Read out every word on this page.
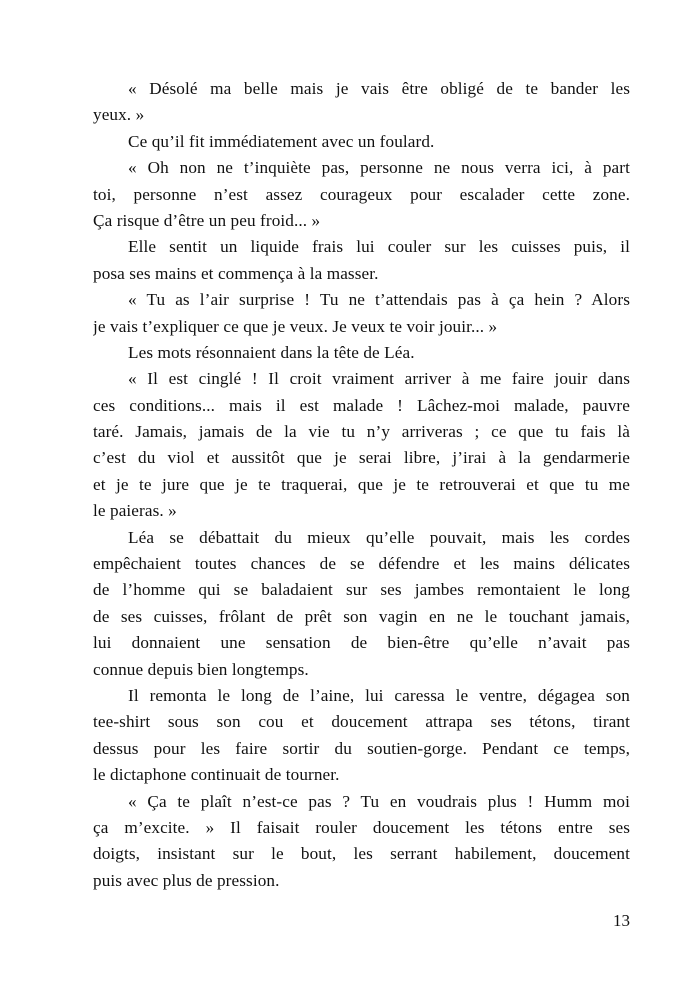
« Désolé ma belle mais je vais être obligé de te bander les
yeux. »

Ce qu’il fit immédiatement avec un foulard.

« Oh non ne t’inquiète pas, personne ne nous verra ici, à part
toi, personne n’est assez courageux pour escalader cette zone.
Ça risque d’être un peu froid... »

Elle sentit un liquide frais lui couler sur les cuisses puis, il
posa ses mains et commença à la masser.

« Tu as l’air surprise ! Tu ne t’attendais pas à ça hein ? Alors
je vais t’expliquer ce que je veux. Je veux te voir jouir... »

Les mots résonnaient dans la tête de Léa.

« Il est cinglé ! Il croit vraiment arriver à me faire jouir dans
ces conditions... mais il est malade ! Lâchez-moi malade, pauvre
taré. Jamais, jamais de la vie tu n’y arriveras ; ce que tu fais là
c’est du viol et aussitôt que je serai libre, j’irai à la gendarmerie
et je te jure que je te traquerai, que je te retrouverai et que tu me
le paieras. »

Léa se débattait du mieux qu’elle pouvait, mais les cordes
empêchaient toutes chances de se défendre et les mains délicates
de l’homme qui se baladaient sur ses jambes remontaient le long
de ses cuisses, frôlant de prêt son vagin en ne le touchant jamais,
lui donnaient une sensation de bien-être qu’elle n’avait pas
connue depuis bien longtemps.

Il remonta le long de l’aine, lui caressa le ventre, dégagea son
tee-shirt sous son cou et doucement attrapa ses tétons, tirant
dessus pour les faire sortir du soutien-gorge. Pendant ce temps,
le dictaphone continuait de tourner.

« Ça te plaît n’est-ce pas ? Tu en voudrais plus ! Humm moi
ça m’excite. » Il faisait rouler doucement les tétons entre ses
doigts, insistant sur le bout, les serrant habilement, doucement
puis avec plus de pression.

13
